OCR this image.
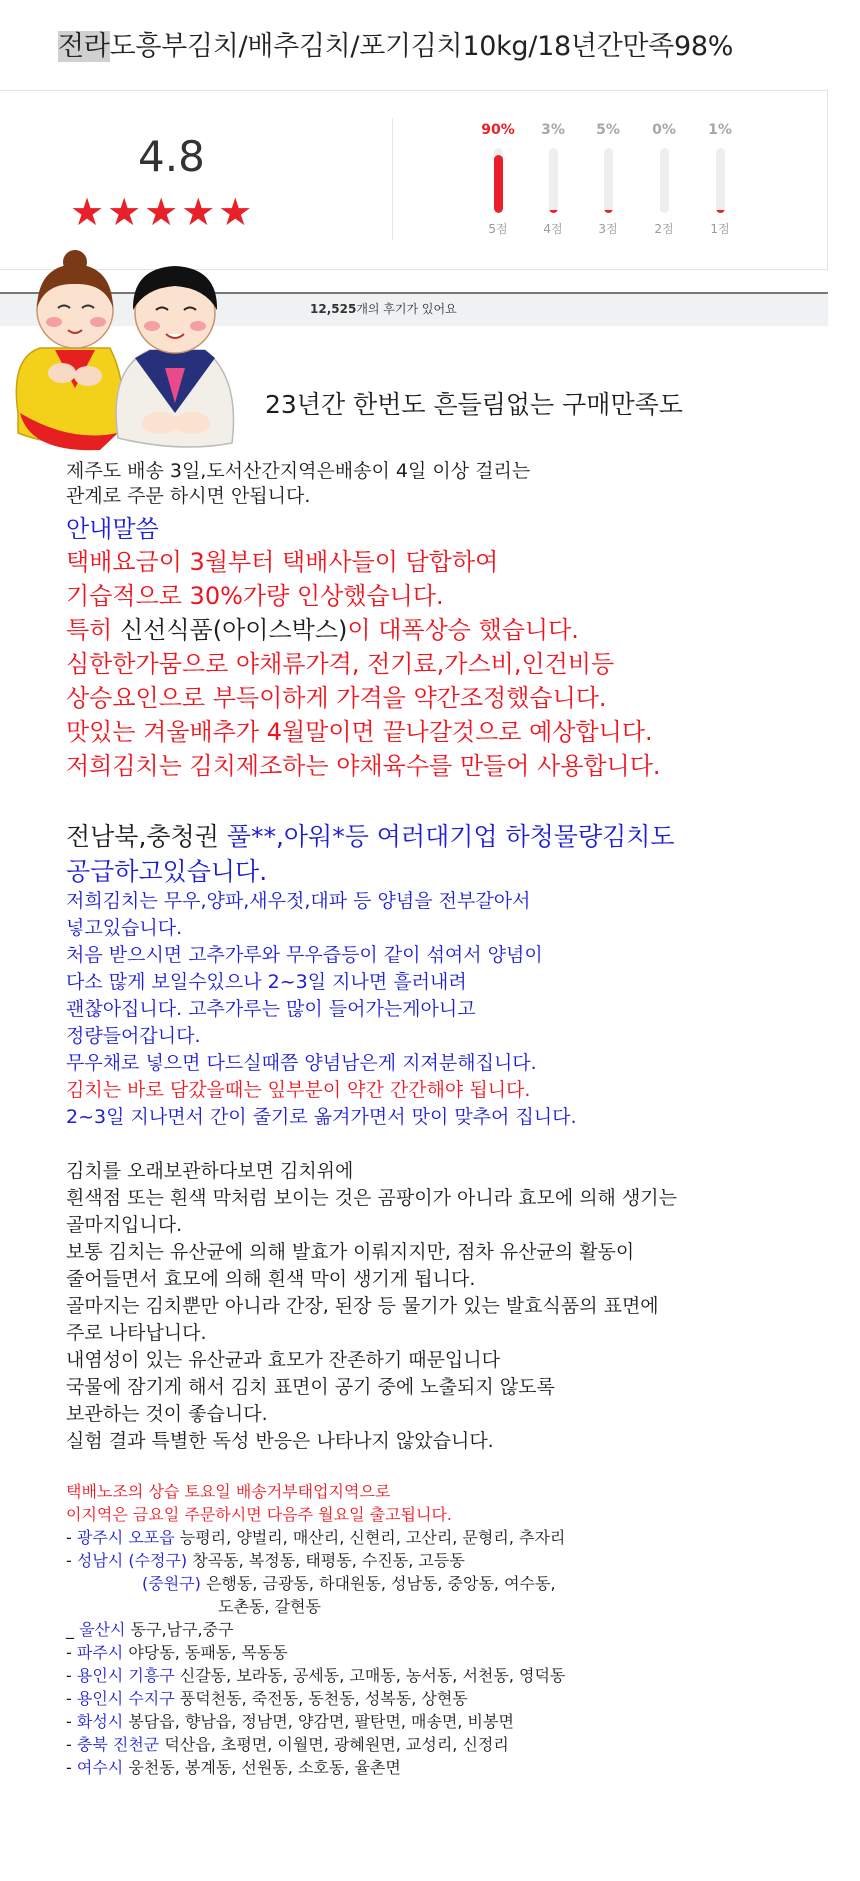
전라도흥부김치/배추김치/포기김치10kg/18년간만족98%
4.8
★★★★★
90%
5점
3%
4점
5%
3점
0%
2점
1%
1점
12,525개의 후기가 있어요
23년간 한번도 흔들림없는 구매만족도
제주도 배송 3일,도서산간지역은배송이 4일 이상 걸리는
관계로 주문 하시면 안됩니다.
안내말씀
택배요금이 3월부터 택배사들이 담합하여
기습적으로 30%가량 인상했습니다.
특히 신선식품(아이스박스)이 대폭상승 했습니다.
심한한가뭄으로 야채류가격, 전기료,가스비,인건비등
상승요인으로 부득이하게 가격을 약간조정했습니다.
맛있는 겨울배추가 4월말이면 끝나갈것으로 예상합니다.
저희김치는 김치제조하는 야채육수를 만들어 사용합니다.
전남북,충청권 풀**,아워*등 여러대기업 하청물량김치도
공급하고있습니다.
저희김치는 무우,양파,새우젓,대파 등 양념을 전부갈아서
넣고있습니다.
처음 받으시면 고추가루와 무우즙등이 같이 섞여서 양념이
다소 많게 보일수있으나 2~3일 지나면 흘러내려
괜찮아집니다. 고추가루는 많이 들어가는게아니고
정량들어갑니다.
무우채로 넣으면 다드실때쯤 양념남은게 지져분해집니다.
김치는 바로 담갔을때는 잎부분이 약간 간간해야 됩니다.
2~3일 지나면서 간이 줄기로 옮겨가면서 맛이 맞추어 집니다.
김치를 오래보관하다보면 김치위에
흰색점 또는 흰색 막처럼 보이는 것은 곰팡이가 아니라 효모에 의해 생기는
골마지입니다.
보통 김치는 유산균에 의해 발효가 이뤄지지만, 점차 유산균의 활동이
줄어들면서 효모에 의해 흰색 막이 생기게 됩니다.
골마지는 김치뿐만 아니라 간장, 된장 등 물기가 있는 발효식품의 표면에
주로 나타납니다.
내염성이 있는 유산균과 효모가 잔존하기 때문입니다
국물에 잠기게 해서 김치 표면이 공기 중에 노출되지 않도록
보관하는 것이 좋습니다.
실험 결과 특별한 독성 반응은 나타나지 않았습니다.
택배노조의 상습 토요일 배송거부태업지역으로
이지역은 금요일 주문하시면 다음주 월요일 출고됩니다.
- 광주시 오포읍 능평리, 양벌리, 매산리, 신현리, 고산리, 문형리, 추자리
- 성남시 (수정구) 창곡동, 복정동, 태평동, 수진동, 고등동
(중원구) 은행동, 금광동, 하대원동, 성남동, 중앙동, 여수동,
도촌동, 갈현동
_ 울산시 동구,남구,중구
- 파주시 야당동, 동패동, 목동동
- 용인시 기흥구 신갈동, 보라동, 공세동, 고매동, 농서동, 서천동, 영덕동
- 용인시 수지구 풍덕천동, 죽전동, 동천동, 성복동, 상현동
- 화성시 봉담읍, 향남읍, 정남면, 양감면, 팔탄면, 매송면, 비봉면
- 충북 진천군 덕산읍, 초평면, 이월면, 광혜원면, 교성리, 신정리
- 여수시 웅천동, 봉계동, 선원동, 소호동, 율촌면
